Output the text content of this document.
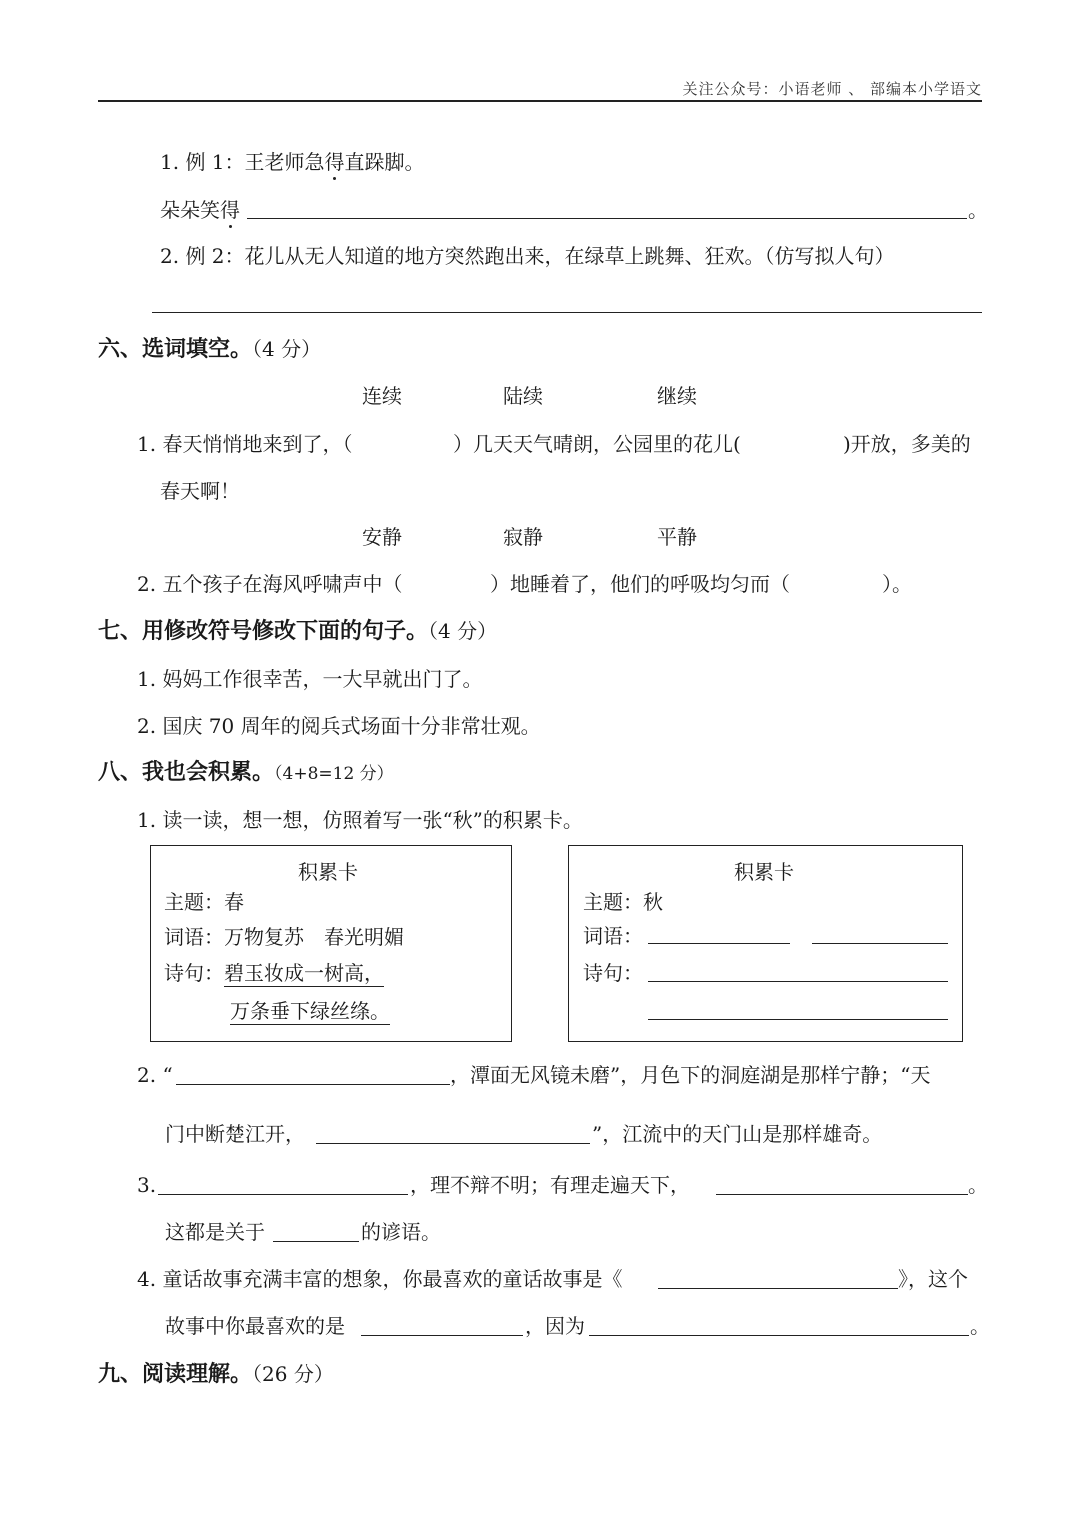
关注公众号：小语老师 、 部编本小学语文
1. 例 1：王老师急得直跺脚。
朵朵笑得	。
2. 例 2：花儿从无人知道的地方突然跑出来，在绿草上跳舞、狂欢。（仿写拟人句）
六、选词填空。（4 分）
连续	陆续	继续
1. 春天悄悄地来到了，（	）几天天气晴朗，公园里的花儿(	)开放，多美的
春天啊！
安静	寂静	平静
2. 五个孩子在海风呼啸声中（	）地睡着了，他们的呼吸均匀而（	）。
七、用修改符号修改下面的句子。（4 分）
1. 妈妈工作很幸苦，一大早就出门了。
2. 国庆 70 周年的阅兵式场面十分非常壮观。
八、我也会积累。（4+8=12 分）
1. 读一读，想一想，仿照着写一张“秋”的积累卡。
积累卡
主题：春
词语：万物复苏　春光明媚
诗句：碧玉妆成一树高，
万条垂下绿丝绦。
积累卡
主题：秋
词语：
诗句：
2. “	，潭面无风镜未磨”，月色下的洞庭湖是那样宁静；“天
门中断楚江开，	”，江流中的天门山是那样雄奇。
3.	，理不辩不明；有理走遍天下，	。
这都是关于	的谚语。
4. 童话故事充满丰富的想象，你最喜欢的童话故事是《	》，这个
故事中你最喜欢的是	，因为	。
九、阅读理解。（26 分）
